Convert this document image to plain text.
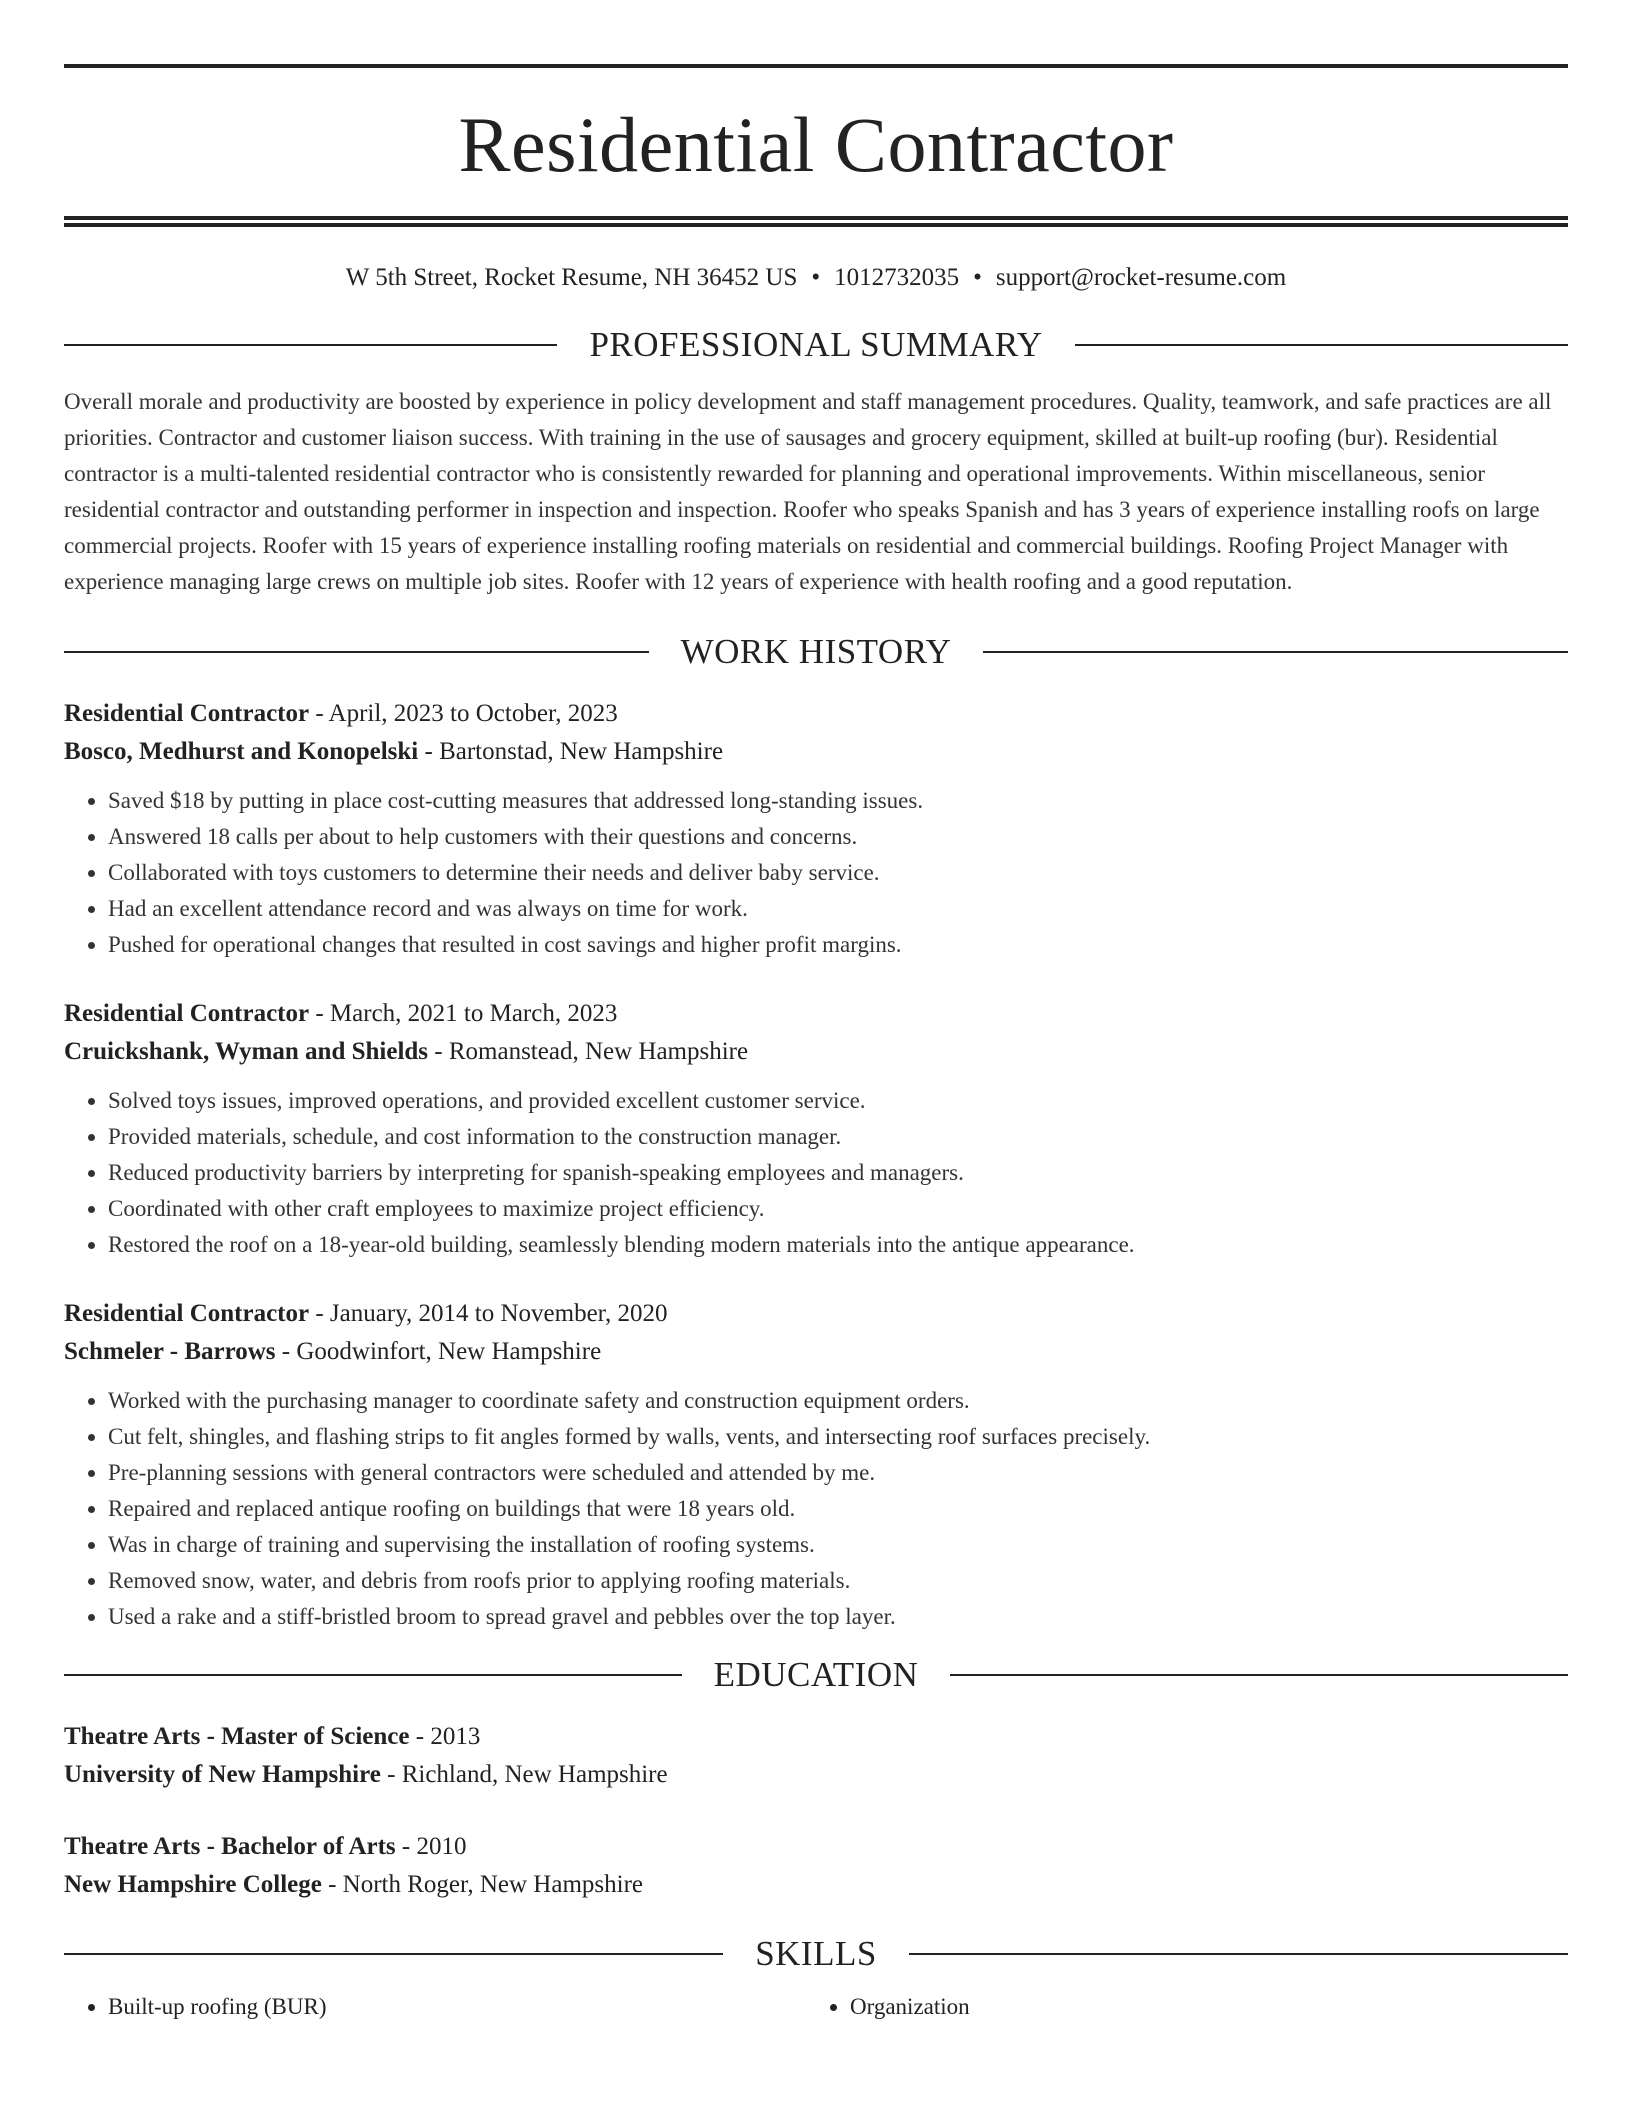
Residential Contractor
W 5th Street, Rocket Resume, NH 36452 US • 1012732035 • support@rocket-resume.com
PROFESSIONAL SUMMARY
Overall morale and productivity are boosted by experience in policy development and staff management procedures. Quality, teamwork, and safe practices are all priorities. Contractor and customer liaison success. With training in the use of sausages and grocery equipment, skilled at built-up roofing (bur). Residential contractor is a multi-talented residential contractor who is consistently rewarded for planning and operational improvements. Within miscellaneous, senior residential contractor and outstanding performer in inspection and inspection. Roofer who speaks Spanish and has 3 years of experience installing roofs on large commercial projects. Roofer with 15 years of experience installing roofing materials on residential and commercial buildings. Roofing Project Manager with experience managing large crews on multiple job sites. Roofer with 12 years of experience with health roofing and a good reputation.
WORK HISTORY
Residential Contractor - April, 2023 to October, 2023
Bosco, Medhurst and Konopelski - Bartonstad, New Hampshire
• Saved $18 by putting in place cost-cutting measures that addressed long-standing issues.
• Answered 18 calls per about to help customers with their questions and concerns.
• Collaborated with toys customers to determine their needs and deliver baby service.
• Had an excellent attendance record and was always on time for work.
• Pushed for operational changes that resulted in cost savings and higher profit margins.
Residential Contractor - March, 2021 to March, 2023
Cruickshank, Wyman and Shields - Romanstead, New Hampshire
• Solved toys issues, improved operations, and provided excellent customer service.
• Provided materials, schedule, and cost information to the construction manager.
• Reduced productivity barriers by interpreting for spanish-speaking employees and managers.
• Coordinated with other craft employees to maximize project efficiency.
• Restored the roof on a 18-year-old building, seamlessly blending modern materials into the antique appearance.
Residential Contractor - January, 2014 to November, 2020
Schmeler - Barrows - Goodwinfort, New Hampshire
• Worked with the purchasing manager to coordinate safety and construction equipment orders.
• Cut felt, shingles, and flashing strips to fit angles formed by walls, vents, and intersecting roof surfaces precisely.
• Pre-planning sessions with general contractors were scheduled and attended by me.
• Repaired and replaced antique roofing on buildings that were 18 years old.
• Was in charge of training and supervising the installation of roofing systems.
• Removed snow, water, and debris from roofs prior to applying roofing materials.
• Used a rake and a stiff-bristled broom to spread gravel and pebbles over the top layer.
EDUCATION
Theatre Arts - Master of Science - 2013
University of New Hampshire - Richland, New Hampshire
Theatre Arts - Bachelor of Arts - 2010
New Hampshire College - North Roger, New Hampshire
SKILLS
• Built-up roofing (BUR)
•	Organization
